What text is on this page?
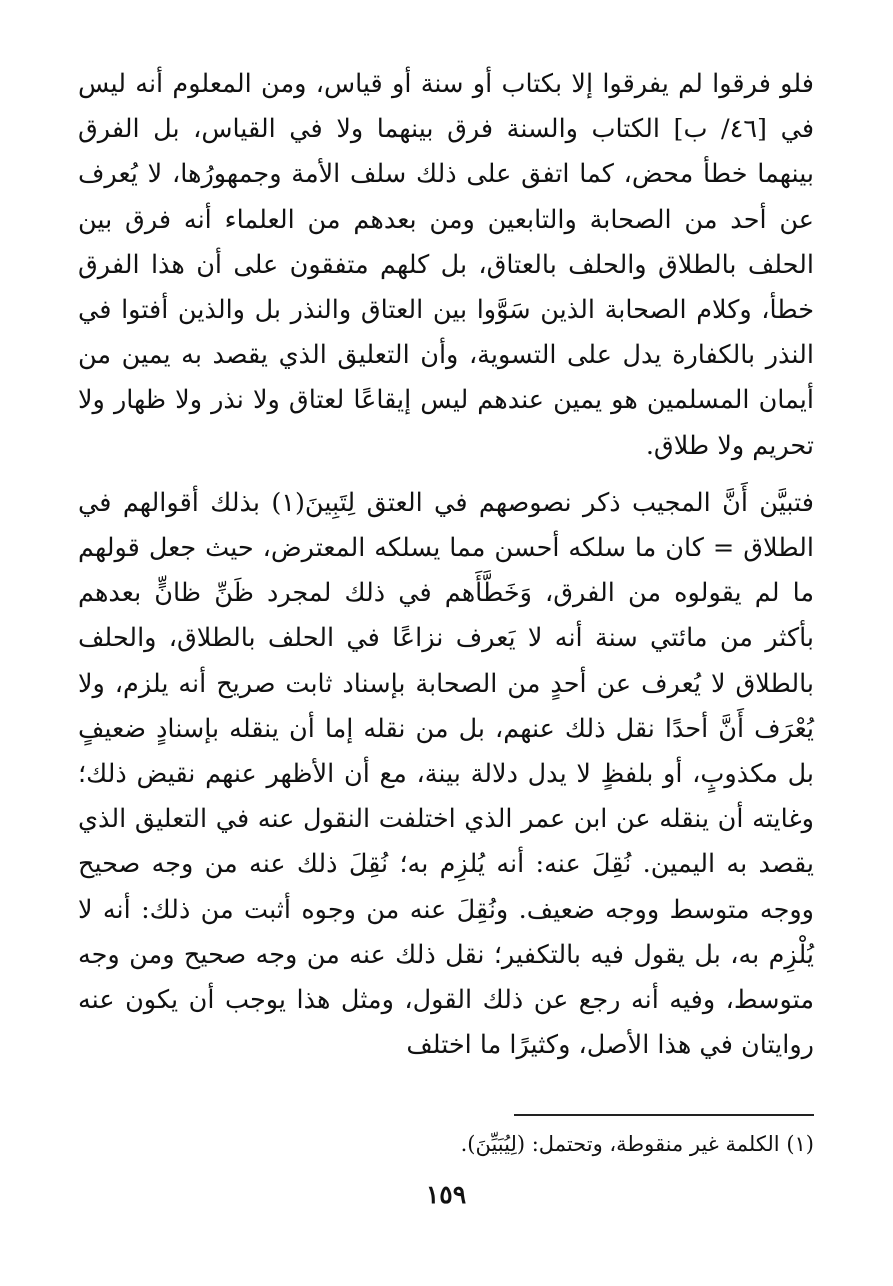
فلو فرقوا لم يفرقوا إلا بكتاب أو سنة أو قياس، ومن المعلوم أنه ليس في [٤٦/ ب] الكتاب والسنة فرق بينهما ولا في القياس، بل الفرق بينهما خطأ محض، كما اتفق على ذلك سلف الأمة وجمهورُها، لا يُعرف عن أحد من الصحابة والتابعين ومن بعدهم من العلماء أنه فرق بين الحلف بالطلاق والحلف بالعتاق، بل كلهم متفقون على أن هذا الفرق خطأ، وكلام الصحابة الذين سَوَّوا بين العتاق والنذر بل والذين أفتوا في النذر بالكفارة يدل على التسوية، وأن التعليق الذي يقصد به يمين من أيمان المسلمين هو يمين عندهم ليس إيقاعًا لعتاق ولا نذر ولا ظهار ولا تحريم ولا طلاق.

فتبيَّن أَنَّ المجيب ذكر نصوصهم في العتق لِتَبِينَ(١) بذلك أقوالهم في الطلاق = كان ما سلكه أحسن مما يسلكه المعترض، حيث جعل قولهم ما لم يقولوه من الفرق، وَخَطَّأَهم في ذلك لمجرد ظَنِّ ظانٍّ بعدهم بأكثر من مائتي سنة أنه لا يَعرف نزاعًا في الحلف بالطلاق، والحلف بالطلاق لا يُعرف عن أحدٍ من الصحابة بإسناد ثابت صريح أنه يلزم، ولا يُعْرَف أَنَّ أحدًا نقل ذلك عنهم، بل من نقله إما أن ينقله بإسنادٍ ضعيفٍ بل مكذوبٍ، أو بلفظٍ لا يدل دلالة بينة، مع أن الأظهر عنهم نقيض ذلك؛ وغايته أن ينقله عن ابن عمر الذي اختلفت النقول عنه في التعليق الذي يقصد به اليمين. نُقِلَ عنه: أنه يُلزِم به؛ نُقِلَ ذلك عنه من وجه صحيح ووجه متوسط ووجه ضعيف. ونُقِلَ عنه من وجوه أثبت من ذلك: أنه لا يُلْزِم به، بل يقول فيه بالتكفير؛ نقل ذلك عنه من وجه صحيح ومن وجه متوسط، وفيه أنه رجع عن ذلك القول، ومثل هذا يوجب أن يكون عنه روايتان في هذا الأصل، وكثيرًا ما اختلف

(١) الكلمة غير منقوطة، وتحتمل: (لِيُبَيِّنَ).

١٥٩
